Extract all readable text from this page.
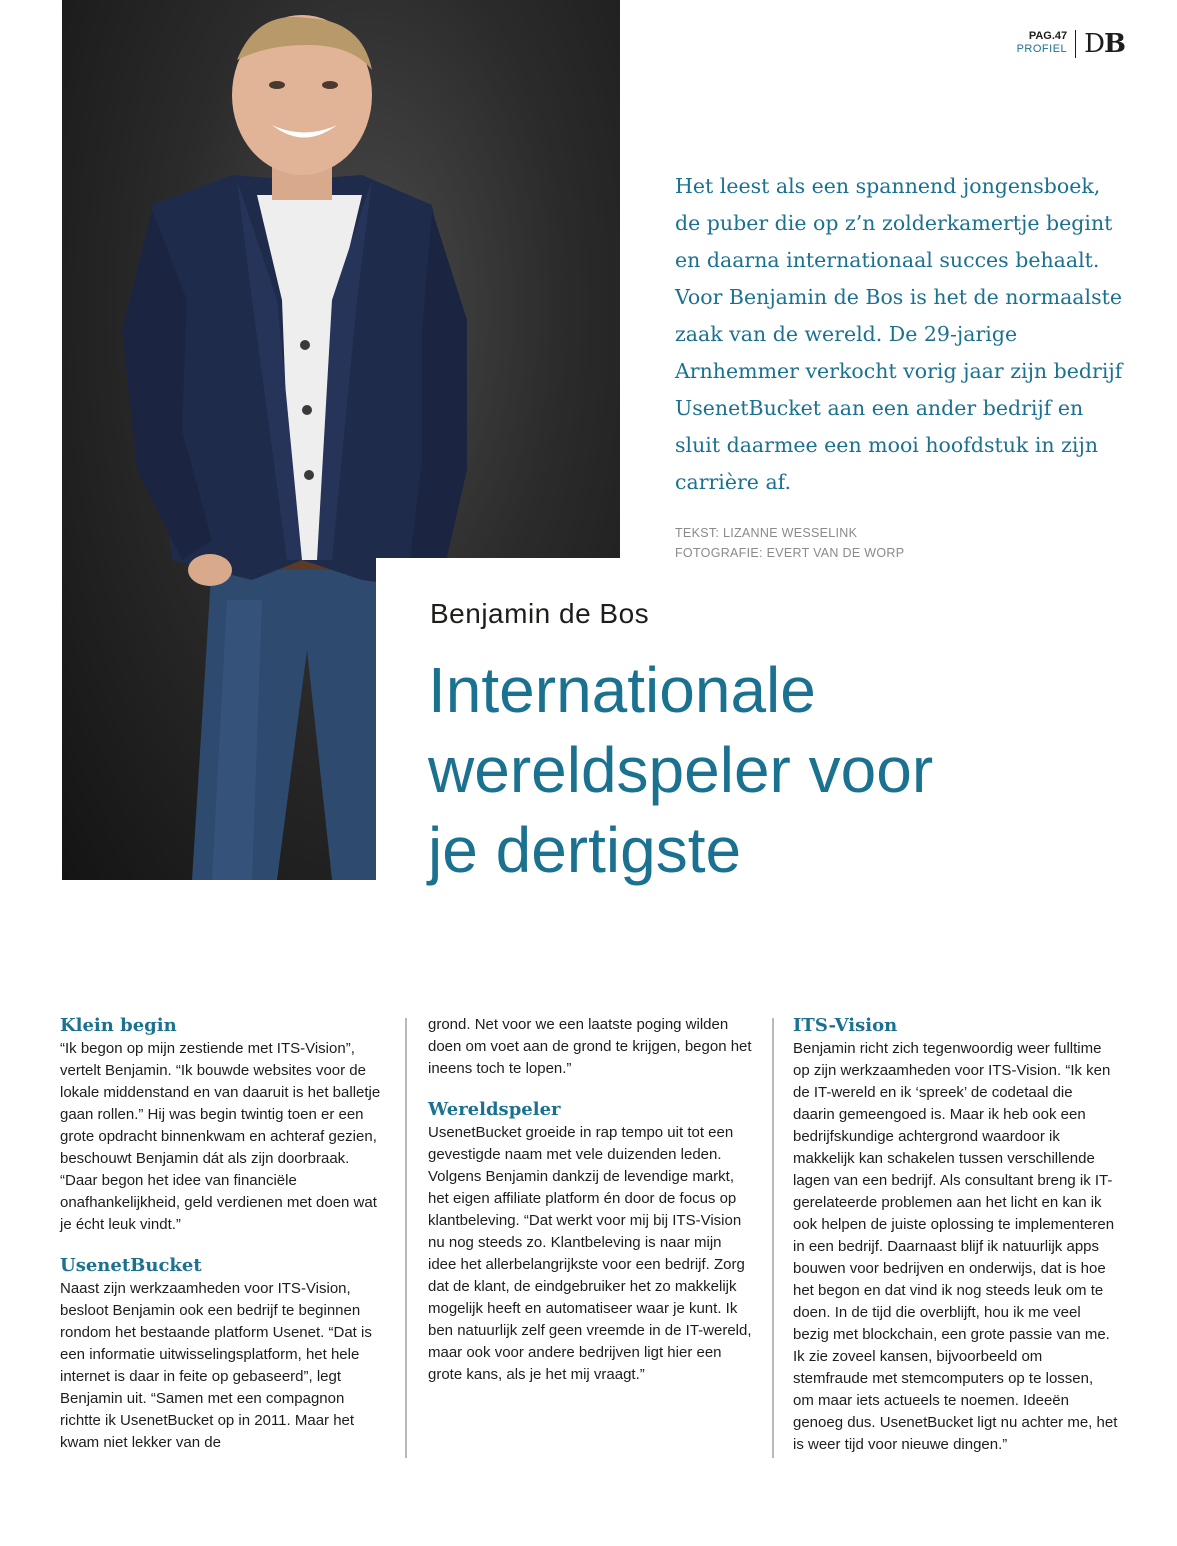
PAG.47
PROFIEL DB
Het leest als een spannend jongensboek, de puber die op z’n zolderkamertje begint en daarna internationaal succes behaalt. Voor Benjamin de Bos is het de normaalste zaak van de wereld. De 29-jarige Arnhemmer verkocht vorig jaar zijn bedrijf UsenetBucket aan een ander bedrijf en sluit daarmee een mooi hoofdstuk in zijn carrière af.
TEKST: LIZANNE WESSELINK
FOTOGRAFIE: EVERT VAN DE WORP
Benjamin de Bos
Internationale
wereldspeler voor
je dertigste
Klein begin

“Ik begon op mijn zestiende met ITS-Vision”, vertelt Benjamin. “Ik bouwde websites voor de lokale middenstand en van daaruit is het balletje gaan rollen.” Hij was begin twintig toen er een grote opdracht binnenkwam en achteraf gezien, beschouwt Benjamin dát als zijn doorbraak. “Daar begon het idee van financiële onafhankelijkheid, geld verdienen met doen wat je écht leuk vindt.”

UsenetBucket

Naast zijn werkzaamheden voor ITS-Vision, besloot Benjamin ook een bedrijf te beginnen rondom het bestaande platform Usenet. “Dat is een informatie uitwisselingsplatform, het hele internet is daar in feite op gebaseerd”, legt Benjamin uit. “Samen met een compagnon richtte ik UsenetBucket op in 2011. Maar het kwam niet lekker van de

grond. Net voor we een laatste poging wilden doen om voet aan de grond te krijgen, begon het ineens toch te lopen.”

Wereldspeler

UsenetBucket groeide in rap tempo uit tot een gevestigde naam met vele duizenden leden. Volgens Benjamin dankzij de levendige markt, het eigen affiliate platform én door de focus op klantbeleving. “Dat werkt voor mij bij ITS-Vision nu nog steeds zo. Klantbeleving is naar mijn idee het allerbelangrijkste voor een bedrijf. Zorg dat de klant, de eindgebruiker het zo makkelijk mogelijk heeft en automatiseer waar je kunt. Ik ben natuurlijk zelf geen vreemde in de IT-wereld, maar ook voor andere bedrijven ligt hier een grote kans, als je het mij vraagt.”

ITS-Vision

Benjamin richt zich tegenwoordig weer fulltime op zijn werkzaamheden voor ITS-Vision. “Ik ken de IT-wereld en ik ‘spreek’ de codetaal die daarin gemeengoed is. Maar ik heb ook een bedrijfskundige achtergrond waardoor ik makkelijk kan schakelen tussen verschillende lagen van een bedrijf. Als consultant breng ik IT-gerelateerde problemen aan het licht en kan ik ook helpen de juiste oplossing te implementeren in een bedrijf. Daarnaast blijf ik natuurlijk apps bouwen voor bedrijven en onderwijs, dat is hoe het begon en dat vind ik nog steeds leuk om te doen. In de tijd die overblijft, hou ik me veel bezig met blockchain, een grote passie van me. Ik zie zoveel kansen, bijvoorbeeld om stemfraude met stemcomputers op te lossen, om maar iets actueels te noemen. Ideeën genoeg dus. UsenetBucket ligt nu achter me, het is weer tijd voor nieuwe dingen.”
